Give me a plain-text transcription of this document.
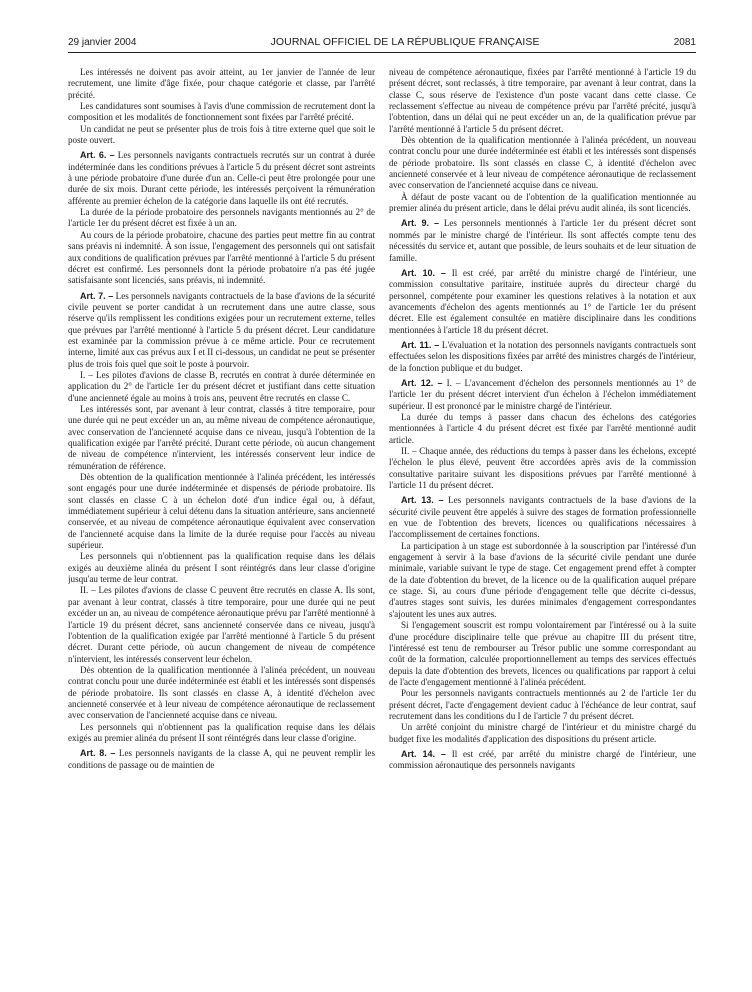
29 janvier 2004	JOURNAL OFFICIEL DE LA RÉPUBLIQUE FRANÇAISE	2081

Les intéressés ne doivent pas avoir atteint, au 1er janvier de l'année de leur recrutement, une limite d'âge fixée, pour chaque catégorie et classe, par l'arrêté précité.

Les candidatures sont soumises à l'avis d'une commission de recrutement dont la composition et les modalités de fonctionnement sont fixées par l'arrêté précité.

Un candidat ne peut se présenter plus de trois fois à titre externe quel que soit le poste ouvert.

Art. 6. – Les personnels navigants contractuels recrutés sur un contrat à durée indéterminée dans les conditions prévues à l'article 5 du présent décret sont astreints à une période probatoire d'une durée d'un an. Celle-ci peut être prolongée pour une durée de six mois. Durant cette période, les intéressés perçoivent la rémunération afférente au premier échelon de la catégorie dans laquelle ils ont été recrutés.

La durée de la période probatoire des personnels navigants mentionnés au 2° de l'article 1er du présent décret est fixée à un an.

Au cours de la période probatoire, chacune des parties peut mettre fin au contrat sans préavis ni indemnité. À son issue, l'engagement des personnels qui ont satisfait aux conditions de qualification prévues par l'arrêté mentionné à l'article 5 du présent décret est confirmé. Les personnels dont la période probatoire n'a pas été jugée satisfaisante sont licenciés, sans préavis, ni indemnité.

Art. 7. – Les personnels navigants contractuels de la base d'avions de la sécurité civile peuvent se porter candidat à un recrutement dans une autre classe, sous réserve qu'ils remplissent les conditions exigées pour un recrutement externe, telles que prévues par l'arrêté mentionné à l'article 5 du présent décret. Leur candidature est examinée par la commission prévue à ce même article. Pour ce recrutement interne, limité aux cas prévus aux I et II ci-dessous, un candidat ne peut se présenter plus de trois fois quel que soit le poste à pourvoir.

I. – Les pilotes d'avions de classe B, recrutés en contrat à durée déterminée en application du 2° de l'article 1er du présent décret et justifiant dans cette situation d'une ancienneté égale au moins à trois ans, peuvent être recrutés en classe C.

Les intéressés sont, par avenant à leur contrat, classés à titre temporaire, pour une durée qui ne peut excéder un an, au même niveau de compétence aéronautique, avec conservation de l'ancienneté acquise dans ce niveau, jusqu'à l'obtention de la qualification exigée par l'arrêté précité. Durant cette période, où aucun changement de niveau de compétence n'intervient, les intéressés conservent leur indice de rémunération de référence.

Dès obtention de la qualification mentionnée à l'alinéa précédent, les intéressés sont engagés pour une durée indéterminée et dispensés de période probatoire. Ils sont classés en classe C à un échelon doté d'un indice égal ou, à défaut, immédiatement supérieur à celui détenu dans la situation antérieure, sans ancienneté conservée, et au niveau de compétence aéronautique équivalent avec conservation de l'ancienneté acquise dans la limite de la durée requise pour l'accès au niveau supérieur.

Les personnels qui n'obtiennent pas la qualification requise dans les délais exigés au deuxième alinéa du présent I sont réintégrés dans leur classe d'origine jusqu'au terme de leur contrat.

II. – Les pilotes d'avions de classe C peuvent être recrutés en classe A. Ils sont, par avenant à leur contrat, classés à titre temporaire, pour une durée qui ne peut excéder un an, au niveau de compétence aéronautique prévu par l'arrêté mentionné à l'article 19 du présent décret, sans ancienneté conservée dans ce niveau, jusqu'à l'obtention de la qualification exigée par l'arrêté mentionné à l'article 5 du présent décret. Durant cette période, où aucun changement de niveau de compétence n'intervient, les intéressés conservent leur échelon.

Dès obtention de la qualification mentionnée à l'alinéa précédent, un nouveau contrat conclu pour une durée indéterminée est établi et les intéressés sont dispensés de période probatoire. Ils sont classés en classe A, à identité d'échelon avec ancienneté conservée et à leur niveau de compétence aéronautique de reclassement avec conservation de l'ancienneté acquise dans ce niveau.

Les personnels qui n'obtiennent pas la qualification requise dans les délais exigés au premier alinéa du présent II sont réintégrés dans leur classe d'origine.

Art. 8. – Les personnels navigants de la classe A, qui ne peuvent remplir les conditions de passage ou de maintien de

niveau de compétence aéronautique, fixées par l'arrêté mentionné à l'article 19 du présent décret, sont reclassés, à titre temporaire, par avenant à leur contrat, dans la classe C, sous réserve de l'existence d'un poste vacant dans cette classe. Ce reclassement s'effectue au niveau de compétence prévu par l'arrêté précité, jusqu'à l'obtention, dans un délai qui ne peut excéder un an, de la qualification prévue par l'arrêté mentionné à l'article 5 du présent décret.

Dès obtention de la qualification mentionnée à l'alinéa précédent, un nouveau contrat conclu pour une durée indéterminée est établi et les intéressés sont dispensés de période probatoire. Ils sont classés en classe C, à identité d'échelon avec ancienneté conservée et à leur niveau de compétence aéronautique de reclassement avec conservation de l'ancienneté acquise dans ce niveau.

À défaut de poste vacant ou de l'obtention de la qualification mentionnée au premier alinéa du présent article, dans le délai prévu audit alinéa, ils sont licenciés.

Art. 9. – Les personnels mentionnés à l'article 1er du présent décret sont nommés par le ministre chargé de l'intérieur. Ils sont affectés compte tenu des nécessités du service et, autant que possible, de leurs souhaits et de leur situation de famille.

Art. 10. – Il est créé, par arrêté du ministre chargé de l'intérieur, une commission consultative paritaire, instituée auprès du directeur chargé du personnel, compétente pour examiner les questions relatives à la notation et aux avancements d'échelon des agents mentionnés au 1° de l'article 1er du présent décret. Elle est également consultée en matière disciplinaire dans les conditions mentionnées à l'article 18 du présent décret.

Art. 11. – L'évaluation et la notation des personnels navigants contractuels sont effectuées selon les dispositions fixées par arrêté des ministres chargés de l'intérieur, de la fonction publique et du budget.

Art. 12. – I. – L'avancement d'échelon des personnels mentionnés au 1° de l'article 1er du présent décret intervient d'un échelon à l'échelon immédiatement supérieur. Il est prononcé par le ministre chargé de l'intérieur.

La durée du temps à passer dans chacun des échelons des catégories mentionnées à l'article 4 du présent décret est fixée par l'arrêté mentionné audit article.

II. – Chaque année, des réductions du temps à passer dans les échelons, excepté l'échelon le plus élevé, peuvent être accordées après avis de la commission consultative paritaire suivant les dispositions prévues par l'arrêté mentionné à l'article 11 du présent décret.

Art. 13. – Les personnels navigants contractuels de la base d'avions de la sécurité civile peuvent être appelés à suivre des stages de formation professionnelle en vue de l'obtention des brevets, licences ou qualifications nécessaires à l'accomplissement de certaines fonctions.

La participation à un stage est subordonnée à la souscription par l'intéressé d'un engagement à servir à la base d'avions de la sécurité civile pendant une durée minimale, variable suivant le type de stage. Cet engagement prend effet à compter de la date d'obtention du brevet, de la licence ou de la qualification auquel prépare ce stage. Si, au cours d'une période d'engagement telle que décrite ci-dessus, d'autres stages sont suivis, les durées minimales d'engagement correspondantes s'ajoutent les unes aux autres.

Si l'engagement souscrit est rompu volontairement par l'intéressé ou à la suite d'une procédure disciplinaire telle que prévue au chapitre III du présent titre, l'intéressé est tenu de rembourser au Trésor public une somme correspondant au coût de la formation, calculée proportionnellement au temps des services effectués depuis la date d'obtention des brevets, licences ou qualifications par rapport à celui de l'acte d'engagement mentionné à l'alinéa précédent.

Pour les personnels navigants contractuels mentionnés au 2 de l'article 1er du présent décret, l'acte d'engagement devient caduc à l'échéance de leur contrat, sauf recrutement dans les conditions du I de l'article 7 du présent décret.

Un arrêté conjoint du ministre chargé de l'intérieur et du ministre chargé du budget fixe les modalités d'application des dispositions du présent article.

Art. 14. – Il est créé, par arrêté du ministre chargé de l'intérieur, une commission aéronautique des personnels navigants
